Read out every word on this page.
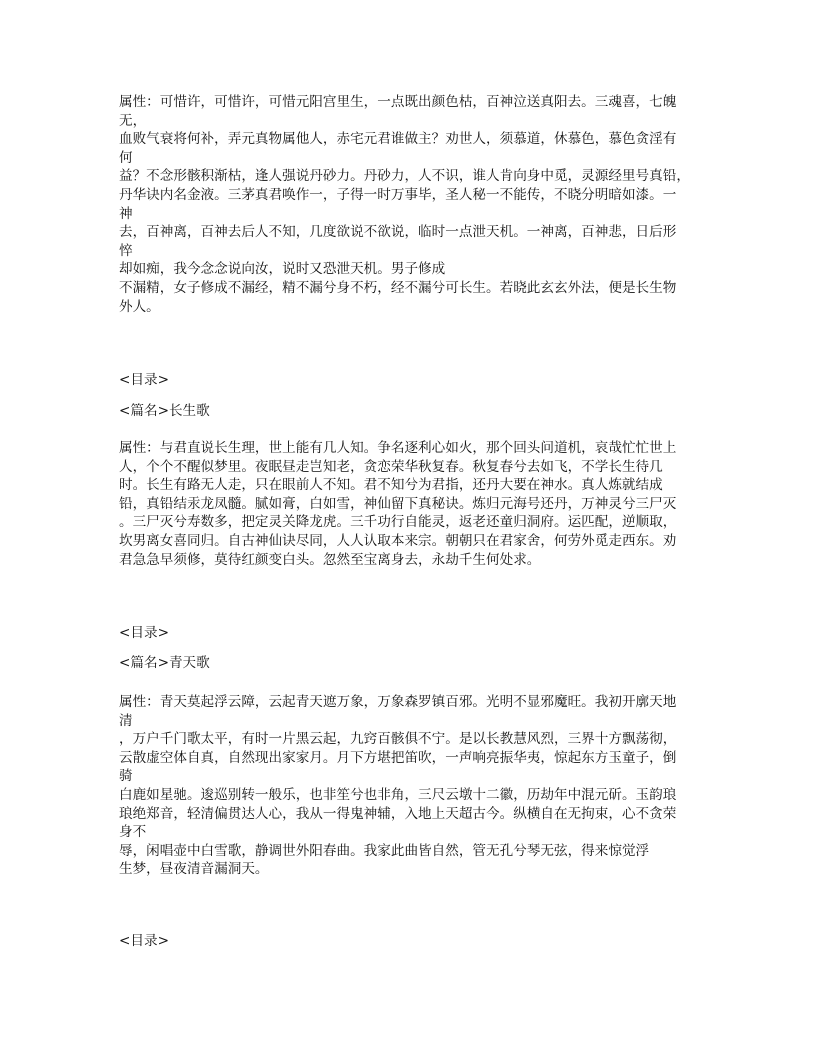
属性：可惜许，可惜许，可惜元阳宫里生，一点既出颜色枯，百神泣送真阳去。三魂喜，七魄
无，
血败气衰将何补，弄元真物属他人，赤宅元君谁做主？劝世人，须慕道，休慕色，慕色贪淫有
何
益？不念形骸积渐枯，逢人强说丹砂力。丹砂力，人不识，谁人肯向身中觅，灵源经里号真铅，
丹华诀内名金液。三茅真君唤作一，子得一时万事毕，圣人秘一不能传，不晓分明暗如漆。一
神
去，百神离，百神去后人不知，几度欲说不欲说，临时一点泄天机。一神离，百神悲，日后形
悴
却如痴，我今念念说向汝，说时又恐泄天机。男子修成
不漏精，女子修成不漏经，精不漏兮身不朽，经不漏兮可长生。若晓此玄玄外法，便是长生物
外人。
<目录>
<篇名>长生歌
属性：与君直说长生理，世上能有几人知。争名逐利心如火，那个回头问道机，哀哉忙忙世上
人，个个不醒似梦里。夜眠昼走岂知老，贪恋荣华秋复春。秋复春兮去如飞，不学长生待几
时。长生有路无人走，只在眼前人不知。君不知兮为君指，还丹大要在神水。真人炼就结成
铅，真铅结汞龙凤髓。腻如膏，白如雪，神仙留下真秘诀。炼归元海号还丹，万神灵兮三尸灭
。三尸灭兮寿数多，把定灵关降龙虎。三千功行自能灵，返老还童归洞府。运匹配，逆顺取，
坎男离女喜同归。自古神仙诀尽同，人人认取本来宗。朝朝只在君家舍，何劳外觅走西东。劝
君急急早须修，莫待红颜变白头。忽然至宝离身去，永劫千生何处求。
<目录>
<篇名>青天歌
属性：青天莫起浮云障，云起青天遮万象，万象森罗镇百邪。光明不显邪魔旺。我初开廓天地
清
，万户千门歌太平，有时一片黑云起，九窍百骸俱不宁。是以长教慧风烈，三界十方飘荡彻，
云散虚空体自真，自然现出家家月。月下方堪把笛吹，一声响亮振华夷，惊起东方玉童子，倒
骑
白鹿如星驰。逡巡别转一般乐，也非笙兮也非角，三尺云墩十二徽，历劫年中混元斫。玉韵琅
琅绝郑音，轻清偏贯达人心，我从一得鬼神辅，入地上天超古今。纵横自在无拘束，心不贪荣
身不
辱，闲唱壶中白雪歌，静调世外阳春曲。我家此曲皆自然，管无孔兮琴无弦，得来惊觉浮
生梦，昼夜清音漏洞天。
<目录>
